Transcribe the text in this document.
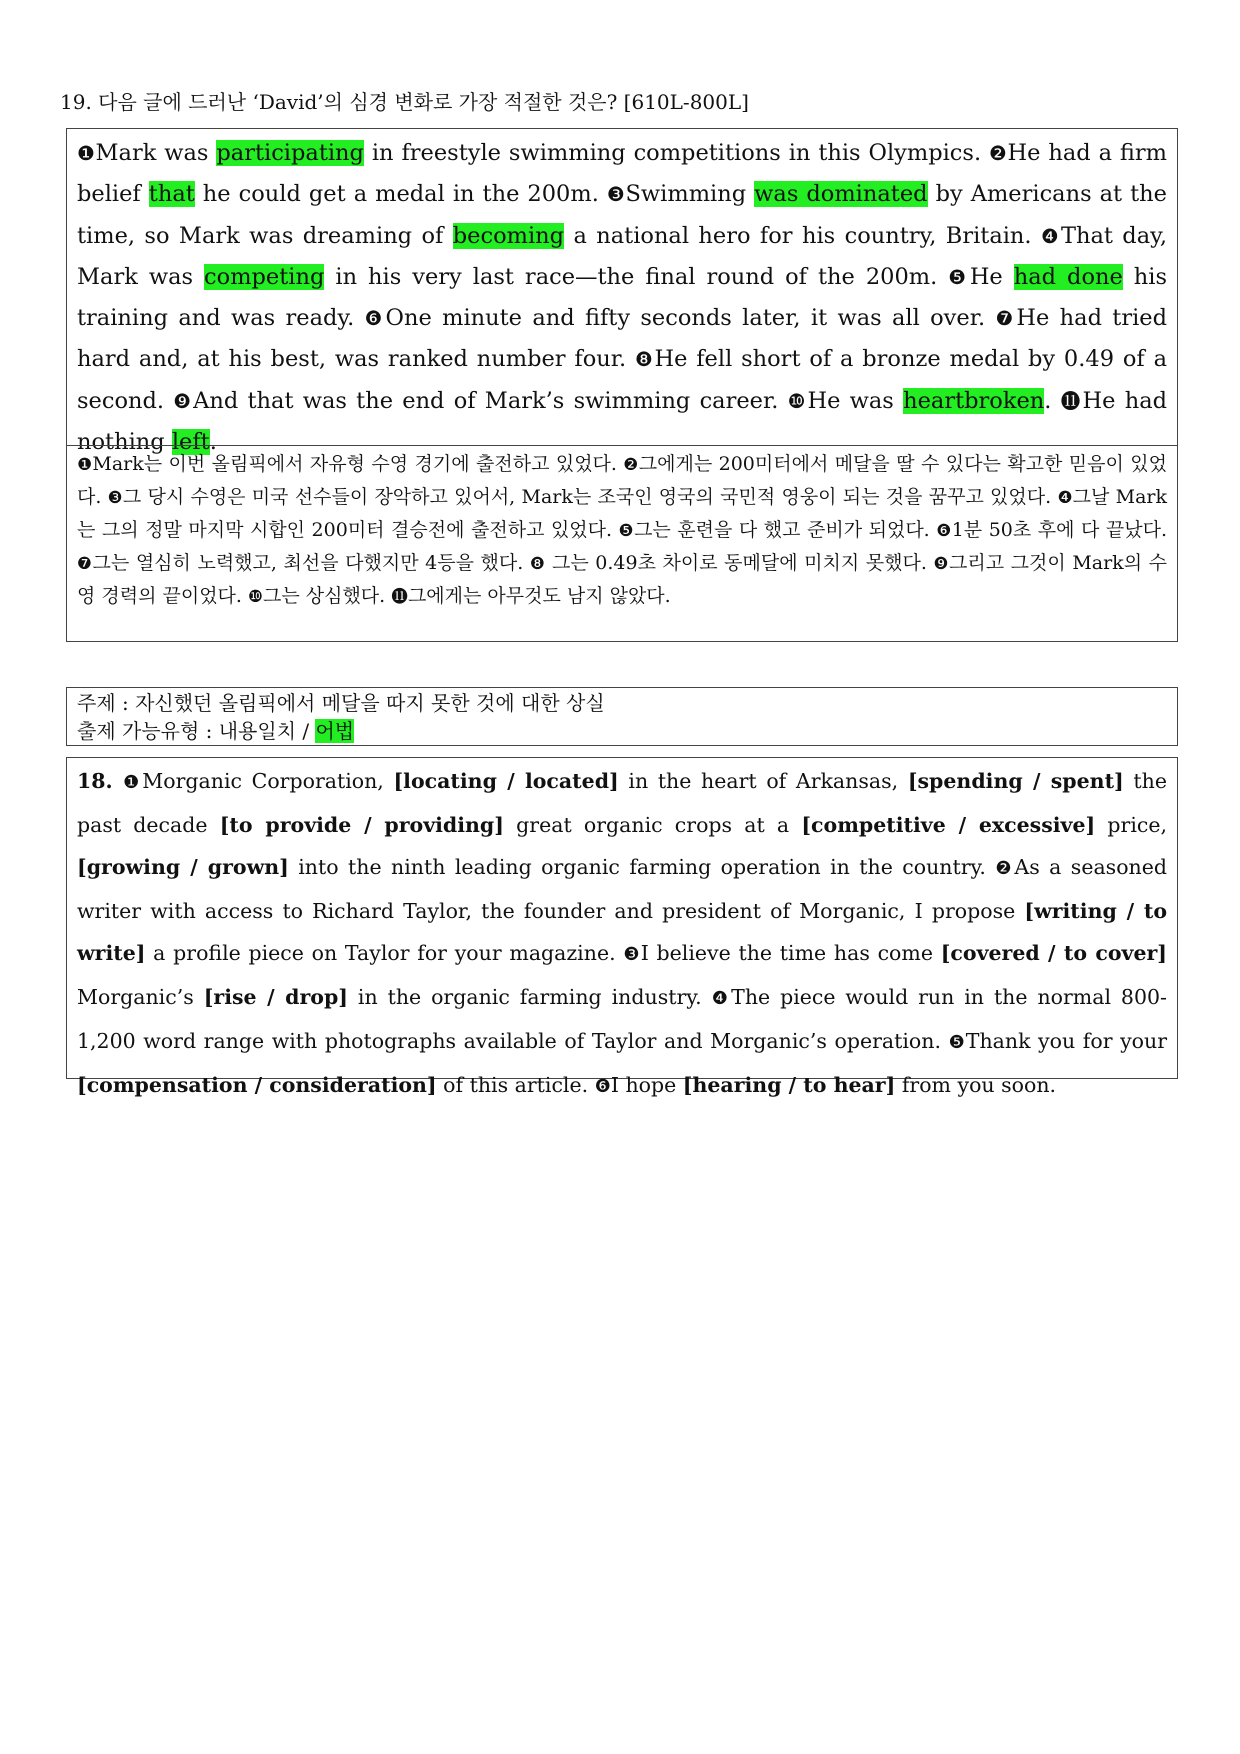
19. 다음 글에 드러난 ‘David’의 심경 변화로 가장 적절한 것은? [610L-800L]
❶Mark was participating in freestyle swimming competitions in this Olympics. ❷He had a firm belief that he could get a medal in the 200m. ❸Swimming was dominated by Americans at the time, so Mark was dreaming of becoming a national hero for his country, Britain. ❹That day, Mark was competing in his very last race—the final round of the 200m. ❺He had done his training and was ready. ❻One minute and fifty seconds later, it was all over. ❼He had tried hard and, at his best, was ranked number four. ❽He fell short of a bronze medal by 0.49 of a second. ❾And that was the end of Mark’s swimming career. ❿He was heartbroken. ⓫He had nothing left.
❶Mark는 이번 올림픽에서 자유형 수영 경기에 출전하고 있었다. ❷그에게는 200미터에서 메달을 딸 수 있다는 확고한 믿음이 있었다. ❸그 당시 수영은 미국 선수들이 장악하고 있어서, Mark는 조국인 영국의 국민적 영웅이 되는 것을 꿈꾸고 있었다. ❹그날 Mark는 그의 정말 마지막 시합인 200미터 결승전에 출전하고 있었다. ❺그는 훈련을 다 했고 준비가 되었다. ❻1분 50초 후에 다 끝났다. ❼그는 열심히 노력했고, 최선을 다했지만 4등을 했다. ❽ 그는 0.49초 차이로 동메달에 미치지 못했다. ❾그리고 그것이 Mark의 수영 경력의 끝이었다. ❿그는 상심했다. ⓫그에게는 아무것도 남지 않았다.
주제 : 자신했던 올림픽에서 메달을 따지 못한 것에 대한 상실
출제 가능유형 : 내용일치 / 어법
18. ❶Morganic Corporation, [locating / located] in the heart of Arkansas, [spending / spent] the past decade [to provide / providing] great organic crops at a [competitive / excessive] price, [growing / grown] into the ninth leading organic farming operation in the country. ❷As a seasoned writer with access to Richard Taylor, the founder and president of Morganic, I propose [writing / to write] a profile piece on Taylor for your magazine. ❸I believe the time has come [covered / to cover] Morganic’s [rise / drop] in the organic farming industry. ❹The piece would run in the normal 800-1,200 word range with photographs available of Taylor and Morganic’s operation. ❺Thank you for your [compensation / consideration] of this article. ❻I hope [hearing / to hear] from you soon.
